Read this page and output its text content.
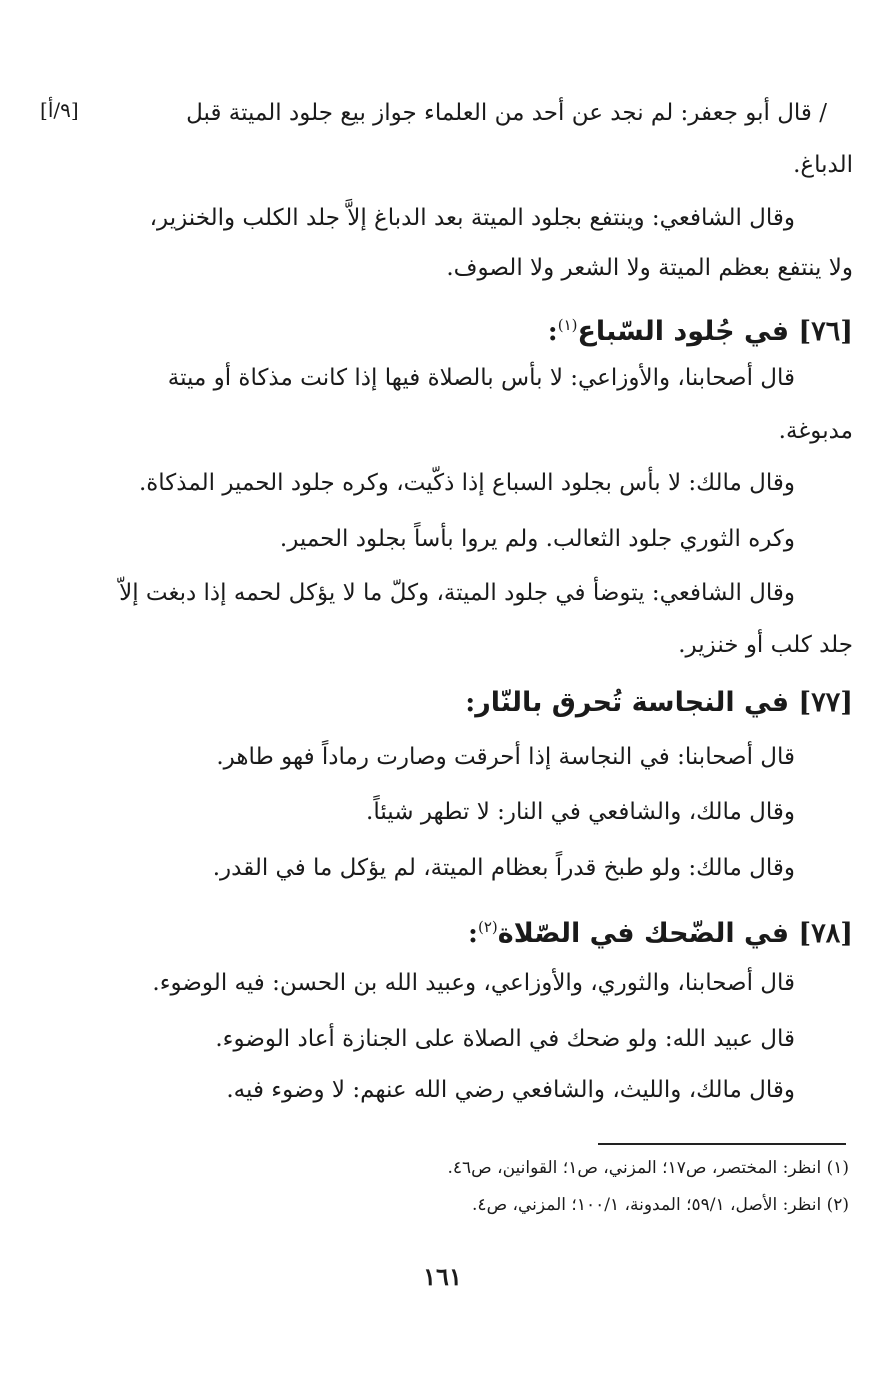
[٩/أ]	/ قال أبو جعفر: لم نجد عن أحد من العلماء جواز بيع جلود الميتة قبل
الدباغ.
وقال الشافعي: وينتفع بجلود الميتة بعد الدباغ إلاَّ جلد الكلب والخنزير،
ولا ينتفع بعظم الميتة ولا الشعر ولا الصوف.
[٧٦] في جُلود السّباع$^{(١)}$:
قال أصحابنا، والأوزاعي: لا بأس بالصلاة فيها إذا كانت مذكاة أو ميتة
مدبوغة.
وقال مالك: لا بأس بجلود السباع إذا ذكّيت، وكره جلود الحمير المذكاة.
وكره الثوري جلود الثعالب. ولم يروا بأساً بجلود الحمير.
وقال الشافعي: يتوضأ في جلود الميتة، وكلّ ما لا يؤكل لحمه إذا دبغت إلاّ
جلد كلب أو خنزير.
[٧٧] في النجاسة تُحرق بالنّار:
قال أصحابنا: في النجاسة إذا أحرقت وصارت رماداً فهو طاهر.
وقال مالك، والشافعي في النار: لا تطهر شيئاً.
وقال مالك: ولو طبخ قدراً بعظام الميتة، لم يؤكل ما في القدر.
[٧٨] في الضّحك في الصّلاة$^{(٢)}$:
قال أصحابنا، والثوري، والأوزاعي، وعبيد الله بن الحسن: فيه الوضوء.
قال عبيد الله: ولو ضحك في الصلاة على الجنازة أعاد الوضوء.
وقال مالك، والليث، والشافعي رضي الله عنهم: لا وضوء فيه.
(١) انظر: المختصر، ص١٧؛ المزني، ص١؛ القوانين، ص٤٦.
(٢) انظر: الأصل، ٥٩/١؛ المدونة، ١٠٠/١؛ المزني، ص٤.
١٦١
